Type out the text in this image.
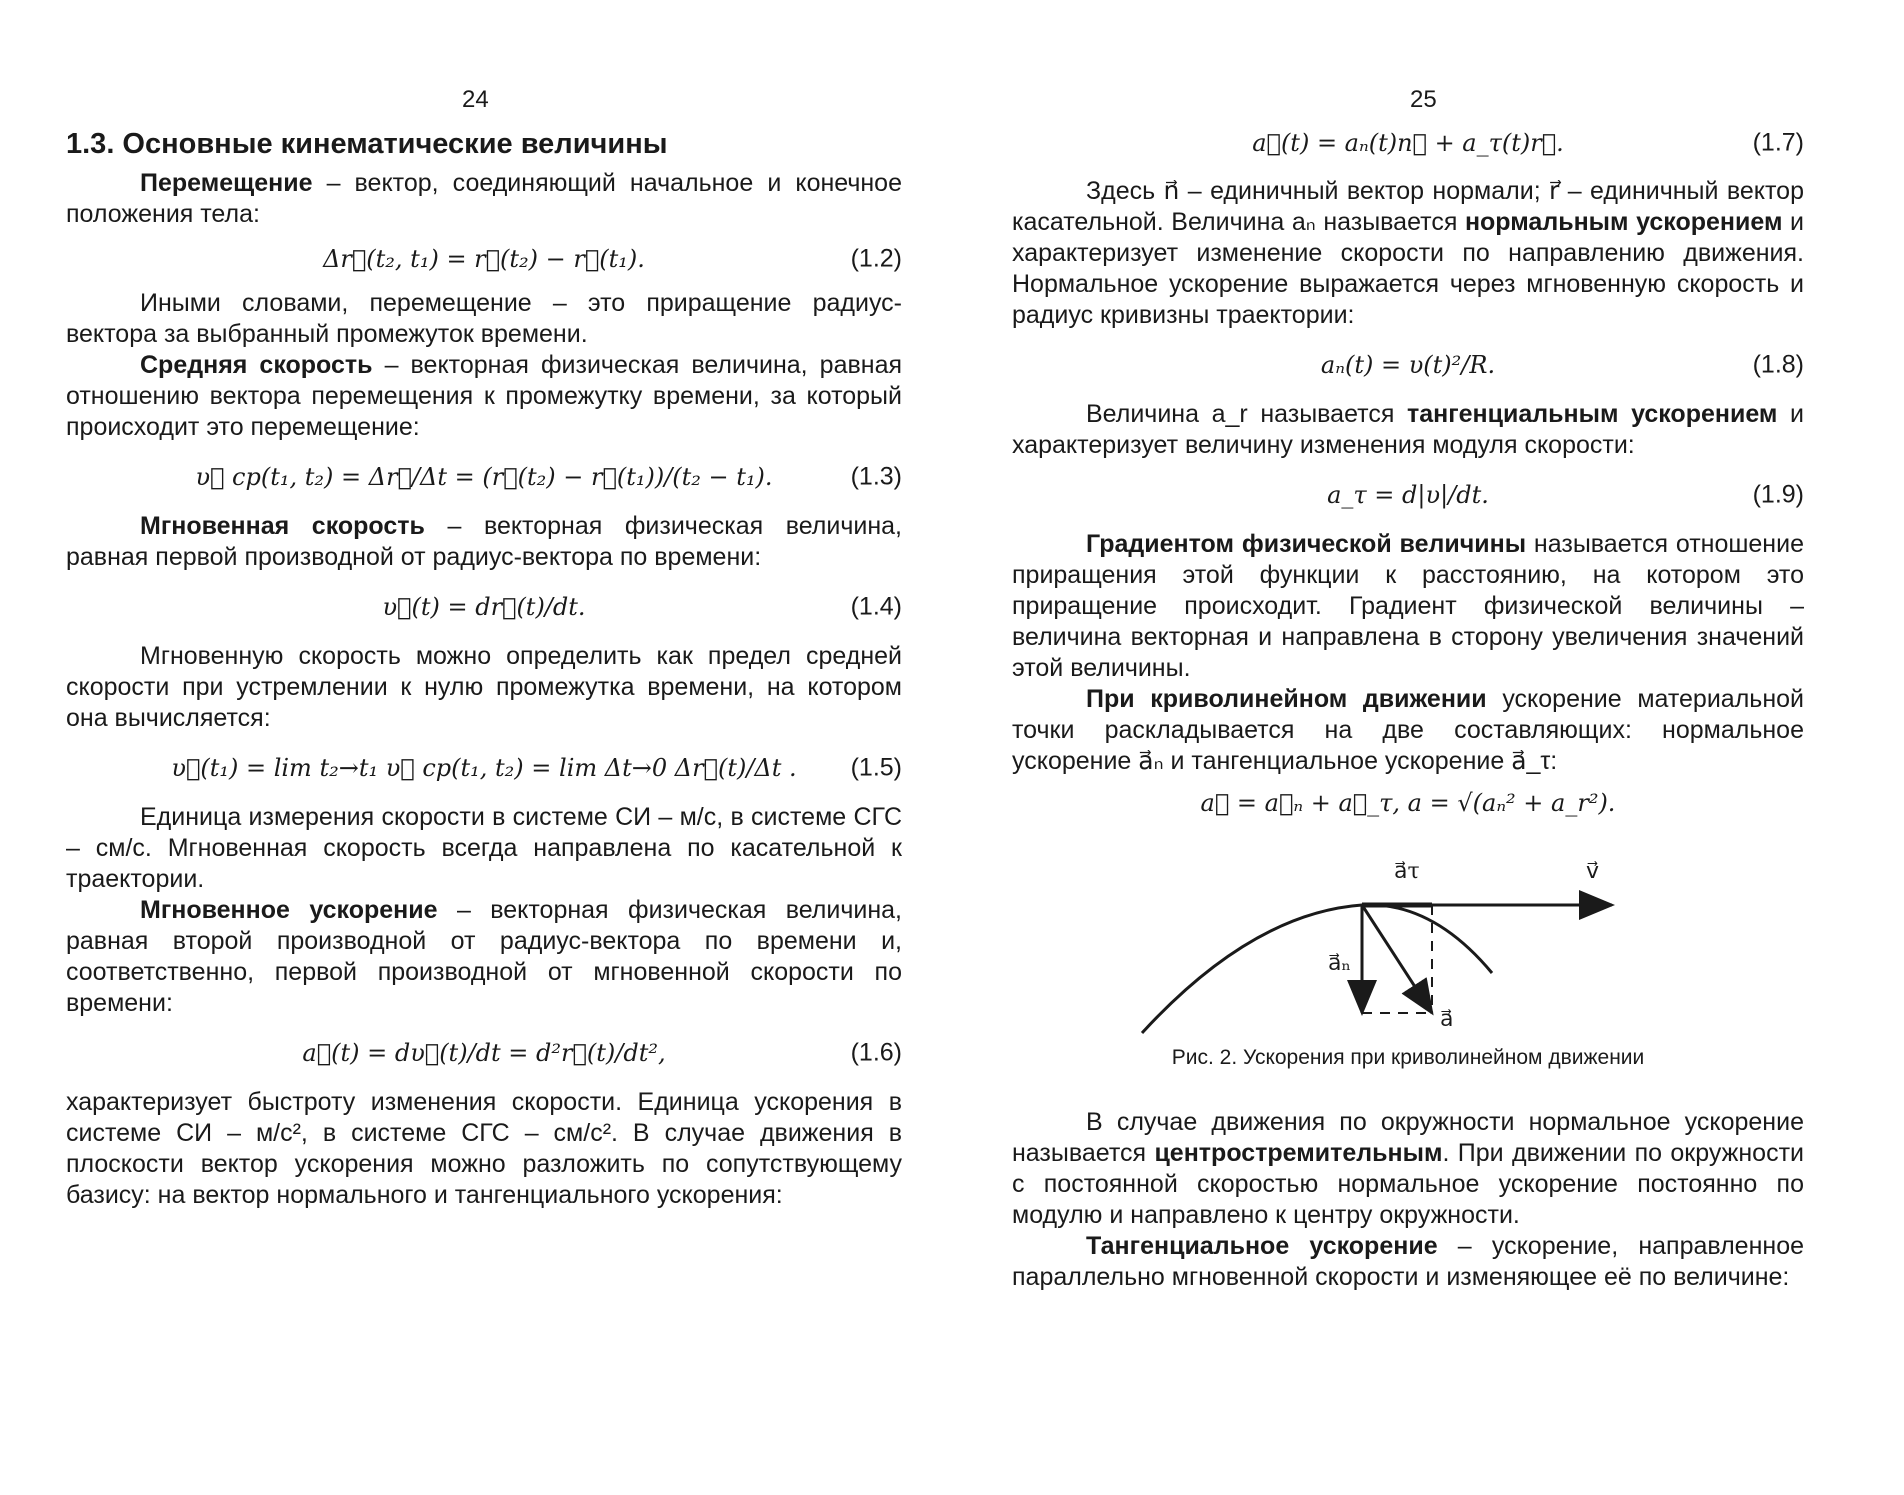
24
1.3. Основные кинематические величины

Перемещение – вектор, соединяющий начальное и конечное положения тела:

Δr⃗(t₂, t₁) = r⃗(t₂) − r⃗(t₁).	(1.2)

Иными словами, перемещение – это приращение радиус-вектора за выбранный промежуток времени.

Средняя скорость – векторная физическая величина, равная отношению вектора перемещения к промежутку времени, за который происходит это перемещение:

υ⃗ ср(t₁, t₂) = Δr⃗/Δt = (r⃗(t₂) − r⃗(t₁))/(t₂ − t₁).	(1.3)

Мгновенная скорость – векторная физическая величина, равная первой производной от радиус-вектора по времени:

υ⃗(t) = dr⃗(t)/dt.	(1.4)

Мгновенную скорость можно определить как предел средней скорости при устремлении к нулю промежутка времени, на котором она вычисляется:

υ⃗(t₁) = lim t₂→t₁ υ⃗ ср(t₁, t₂) = lim Δt→0 Δr⃗(t)/Δt . (1.5)

Единица измерения скорости в системе СИ – м/с, в системе СГС – см/с. Мгновенная скорость всегда направлена по касательной к траектории.

Мгновенное ускорение – векторная физическая величина, равная второй производной от радиус-вектора по времени и, соответственно, первой производной от мгновенной скорости по времени:

a⃗(t) = dυ⃗(t)/dt = d²r⃗(t)/dt²,	(1.6)

характеризует быстроту изменения скорости. Единица ускорения в системе СИ – м/с², в системе СГС – см/с². В случае движения в плоскости вектор ускорения можно разложить по сопутствующему базису: на вектор нормального и тангенциального ускорения:

25
a⃗(t) = aₙ(t)n⃗ + a_τ(t)r⃗.	(1.7)

Здесь n⃗ – единичный вектор нормали; r⃗ – единичный вектор касательной. Величина aₙ называется нормальным ускорением и характеризует изменение скорости по направлению движения. Нормальное ускорение выражается через мгновенную скорость и радиус кривизны траектории:

aₙ(t) = υ(t)²/R.	(1.8)

Величина a_r называется тангенциальным ускорением и характеризует величину изменения модуля скорости:

a_τ = d|υ|/dt.	(1.9)

Градиентом физической величины называется отношение приращения этой функции к расстоянию, на котором это приращение происходит. Градиент физической величины – величина векторная и направлена в сторону увеличения значений этой величины.

При криволинейном движении ускорение материальной точки раскладывается на две составляющих: нормальное ускорение a⃗ₙ и тангенциальное ускорение a⃗_τ:

a⃗ = a⃗ₙ + a⃗_τ, a = √(aₙ² + a_r²).
a⃗τ	v⃗
a⃗ₙ
a⃗
Рис. 2. Ускорения при криволинейном движении

В случае движения по окружности нормальное ускорение называется центростремительным. При движении по окружности с постоянной скоростью нормальное ускорение постоянно по модулю и направлено к центру окружности.

Тангенциальное ускорение – ускорение, направленное параллельно мгновенной скорости и изменяющее её по величине:
